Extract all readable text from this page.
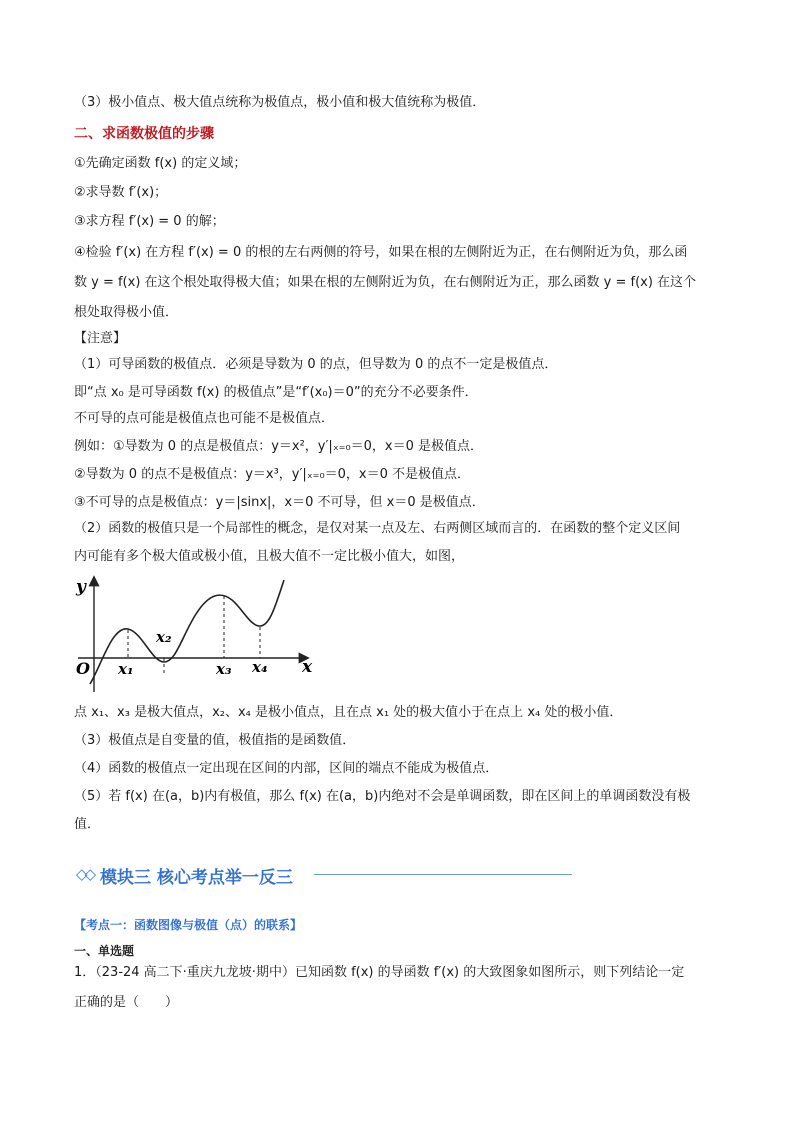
（3）极小值点、极大值点统称为极值点，极小值和极大值统称为极值．
二、求函数极值的步骤
①先确定函数 f(x) 的定义域；
②求导数 f′(x)；
③求方程 f′(x) = 0 的解；
④检验 f′(x) 在方程 f′(x) = 0 的根的左右两侧的符号，如果在根的左侧附近为正，在右侧附近为负，那么函
数 y = f(x) 在这个根处取得极大值；如果在根的左侧附近为负，在右侧附近为正，那么函数 y = f(x) 在这个
根处取得极小值．
【注意】
（1）可导函数的极值点．必须是导数为 0 的点，但导数为 0 的点不一定是极值点．
即“点 x₀ 是可导函数 f(x) 的极值点”是“f′(x₀)＝0”的充分不必要条件．
不可导的点可能是极值点也可能不是极值点．
例如：①导数为 0 的点是极值点：y＝x²，y′|ₓ₌₀＝0，x＝0 是极值点．
②导数为 0 的点不是极值点：y＝x³，y′|ₓ₌₀＝0，x＝0 不是极值点．
③不可导的点是极值点：y＝|sinx|，x＝0 不可导，但 x＝0 是极值点．
（2）函数的极值只是一个局部性的概念，是仅对某一点及左、右两侧区域而言的．在函数的整个定义区间
内可能有多个极大值或极小值，且极大值不一定比极小值大，如图，
y
x
O x₁
x₂
x₃ x₄
点 x₁、x₃ 是极大值点，x₂、x₄ 是极小值点，且在点 x₁ 处的极大值小于在点上 x₄ 处的极小值．
（3）极值点是自变量的值，极值指的是函数值．
（4）函数的极值点一定出现在区间的内部，区间的端点不能成为极值点．
（5）若 f(x) 在(a，b)内有极值，那么 f(x) 在(a，b)内绝对不会是单调函数，即在区间上的单调函数没有极
值．
◇◇ 模块三 核心考点举一反三
【考点一：函数图像与极值（点）的联系】
一、单选题
1．（23-24 高二下·重庆九龙坡·期中）已知函数 f(x) 的导函数 f′(x) 的大致图象如图所示，则下列结论一定
正确的是（　　）
